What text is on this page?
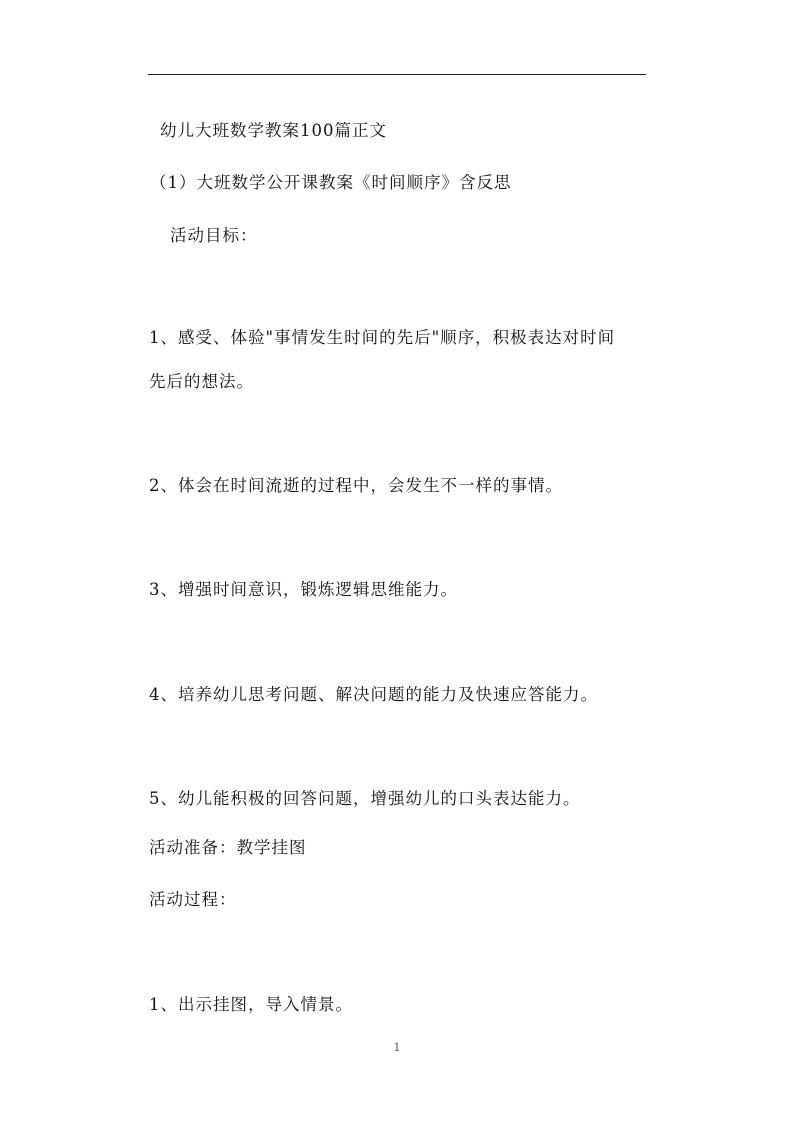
幼儿大班数学教案100篇正文
（1）大班数学公开课教案《时间顺序》含反思
活动目标：
1、感受、体验"事情发生时间的先后"顺序，积极表达对时间
先后的想法。
2、体会在时间流逝的过程中，会发生不一样的事情。
3、增强时间意识，锻炼逻辑思维能力。
4、培养幼儿思考问题、解决问题的能力及快速应答能力。
5、幼儿能积极的回答问题，增强幼儿的口头表达能力。
活动准备：教学挂图
活动过程：
1、出示挂图，导入情景。
1
